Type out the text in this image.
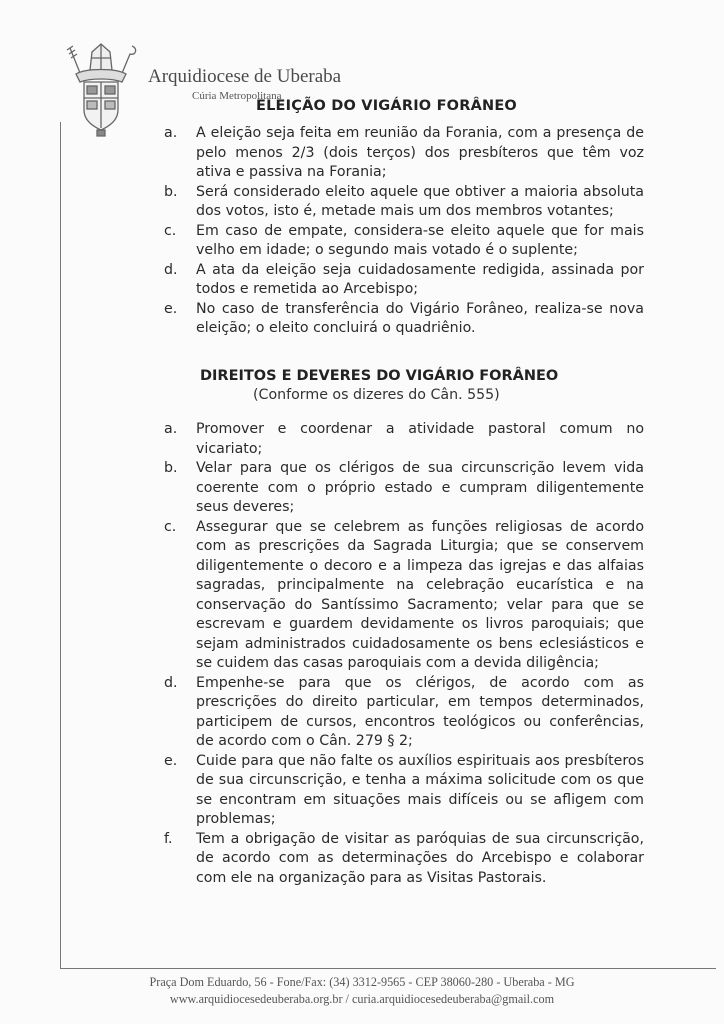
Arquidiocese de Uberaba
Cúria Metropolitana
ELEIÇÃO DO VIGÁRIO FORÂNEO
a. A eleição seja feita em reunião da Forania, com a presença de pelo menos 2/3 (dois terços) dos presbíteros que têm voz ativa e passiva na Forania;
b. Será considerado eleito aquele que obtiver a maioria absoluta dos votos, isto é, metade mais um dos membros votantes;
c. Em caso de empate, considera-se eleito aquele que for mais velho em idade; o segundo mais votado é o suplente;
d. A ata da eleição seja cuidadosamente redigida, assinada por todos e remetida ao Arcebispo;
e. No caso de transferência do Vigário Forâneo, realiza-se nova eleição; o eleito concluirá o quadriênio.
DIREITOS E DEVERES DO VIGÁRIO FORÂNEO
(Conforme os dizeres do Cân. 555)
a. Promover e coordenar a atividade pastoral comum no vicariato;
b. Velar para que os clérigos de sua circunscrição levem vida coerente com o próprio estado e cumpram diligentemente seus deveres;
c. Assegurar que se celebrem as funções religiosas de acordo com as prescrições da Sagrada Liturgia; que se conservem diligentemente o decoro e a limpeza das igrejas e das alfaias sagradas, principalmente na celebração eucarística e na conservação do Santíssimo Sacramento; velar para que se escrevam e guardem devidamente os livros paroquiais; que sejam administrados cuidadosamente os bens eclesiásticos e se cuidem das casas paroquiais com a devida diligência;
d. Empenhe-se para que os clérigos, de acordo com as prescrições do direito particular, em tempos determinados, participem de cursos, encontros teológicos ou conferências, de acordo com o Cân. 279 § 2;
e. Cuide para que não falte os auxílios espirituais aos presbíteros de sua circunscrição, e tenha a máxima solicitude com os que se encontram em situações mais difíceis ou se afligem com problemas;
f. Tem a obrigação de visitar as paróquias de sua circunscrição, de acordo com as determinações do Arcebispo e colaborar com ele na organização para as Visitas Pastorais.
Praça Dom Eduardo, 56 - Fone/Fax: (34) 3312-9565 - CEP 38060-280 - Uberaba - MG
www.arquidiocesedeuberaba.org.br / curia.arquidiocesedeuberaba@gmail.com
